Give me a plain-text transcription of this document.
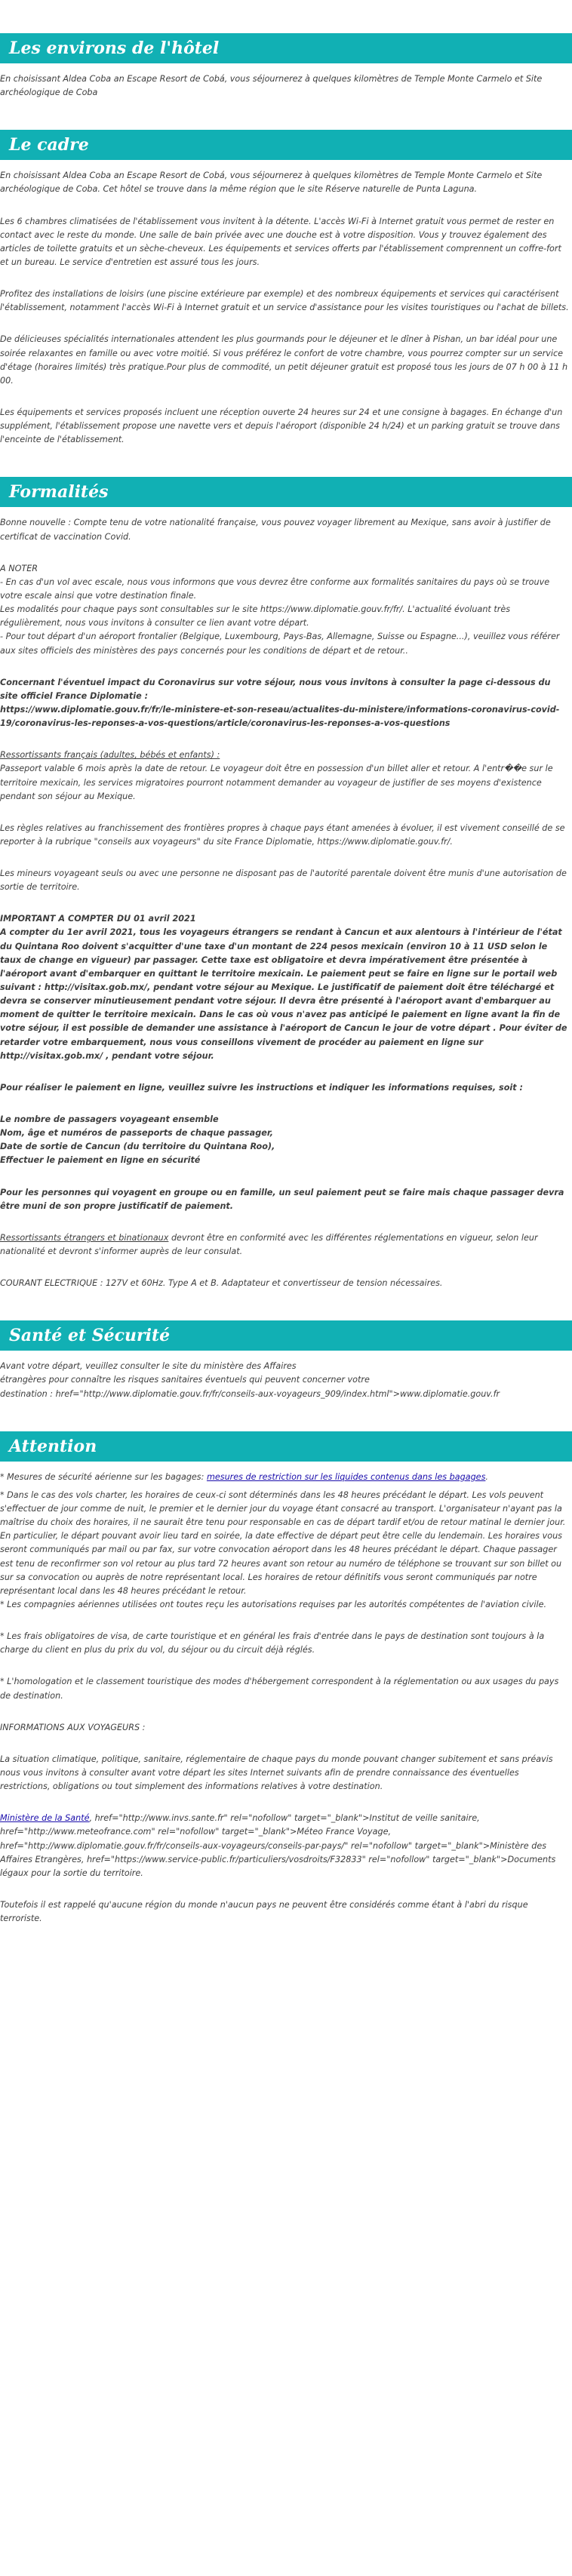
Les environs de l'hôtel

En choisissant Aldea Coba an Escape Resort de Cobá, vous séjournerez à quelques kilomètres de Temple Monte Carmelo et Site archéologique de Coba

Le cadre

En choisissant Aldea Coba an Escape Resort de Cobá, vous séjournerez à quelques kilomètres de Temple Monte Carmelo et Site archéologique de Coba. Cet hôtel se trouve dans la même région que le site Réserve naturelle de Punta Laguna.

Les 6 chambres climatisées de l'établissement vous invitent à la détente. L'accès Wi-Fi à Internet gratuit vous permet de rester en contact avec le reste du monde. Une salle de bain privée avec une douche est à votre disposition. Vous y trouvez également des articles de toilette gratuits et un sèche-cheveux. Les équipements et services offerts par l'établissement comprennent un coffre-fort et un bureau. Le service d'entretien est assuré tous les jours.

Profitez des installations de loisirs (une piscine extérieure par exemple) et des nombreux équipements et services qui caractérisent l'établissement, notamment l'accès Wi-Fi à Internet gratuit et un service d'assistance pour les visites touristiques ou l'achat de billets.

De délicieuses spécialités internationales attendent les plus gourmands pour le déjeuner et le dîner à Pishan, un bar idéal pour une soirée relaxantes en famille ou avec votre moitié. Si vous préférez le confort de votre chambre, vous pourrez compter sur un service d'étage (horaires limités) très pratique.Pour plus de commodité, un petit déjeuner gratuit est proposé tous les jours de 07 h 00 à 11 h 00.

Les équipements et services proposés incluent une réception ouverte 24 heures sur 24 et une consigne à bagages. En échange d'un supplément, l'établissement propose une navette vers et depuis l'aéroport (disponible 24 h/24) et un parking gratuit se trouve dans l'enceinte de l'établissement.

Formalités

Bonne nouvelle : Compte tenu de votre nationalité française, vous pouvez voyager librement au Mexique, sans avoir à justifier de certificat de vaccination Covid.

A NOTER
- En cas d'un vol avec escale, nous vous informons que vous devrez être conforme aux formalités sanitaires du pays où se trouve votre escale ainsi que votre destination finale.
Les modalités pour chaque pays sont consultables sur le site https://www.diplomatie.gouv.fr/fr/. L'actualité évoluant très régulièrement, nous vous invitons à consulter ce lien avant votre départ.
- Pour tout départ d'un aéroport frontalier (Belgique, Luxembourg, Pays-Bas, Allemagne, Suisse ou Espagne...), veuillez vous référer aux sites officiels des ministères des pays concernés pour les conditions de départ et de retour..

Concernant l'éventuel impact du Coronavirus sur votre séjour, nous vous invitons à consulter la page ci-dessous du site officiel France Diplomatie :
https://www.diplomatie.gouv.fr/fr/le-ministere-et-son-reseau/actualites-du-ministere/informations-coronavirus-covid-19/coronavirus-les-reponses-a-vos-questions/article/coronavirus-les-reponses-a-vos-questions

Ressortissants français (adultes, bébés et enfants) :
Passeport valable 6 mois après la date de retour. Le voyageur doit être en possession d'un billet aller et retour. A l'entr��e sur le territoire mexicain, les services migratoires pourront notamment demander au voyageur de justifier de ses moyens d'existence pendant son séjour au Mexique.

Les règles relatives au franchissement des frontières propres à chaque pays étant amenées à évoluer, il est vivement conseillé de se reporter à la rubrique "conseils aux voyageurs" du site France Diplomatie, https://www.diplomatie.gouv.fr/.

Les mineurs voyageant seuls ou avec une personne ne disposant pas de l'autorité parentale doivent être munis d'une autorisation de sortie de territoire.

IMPORTANT A COMPTER DU 01 avril 2021
A compter du 1er avril 2021, tous les voyageurs étrangers se rendant à Cancun et aux alentours à l'intérieur de l'état du Quintana Roo doivent s'acquitter d'une taxe d'un montant de 224 pesos mexicain (environ 10 à 11 USD selon le taux de change en vigueur) par passager. Cette taxe est obligatoire et devra impérativement être présentée à l'aéroport avant d'embarquer en quittant le territoire mexicain. Le paiement peut se faire en ligne sur le portail web suivant : http://visitax.gob.mx/, pendant votre séjour au Mexique. Le justificatif de paiement doit être téléchargé et devra se conserver minutieusement pendant votre séjour. Il devra être présenté à l'aéroport avant d'embarquer au moment de quitter le territoire mexicain. Dans le cas où vous n'avez pas anticipé le paiement en ligne avant la fin de votre séjour, il est possible de demander une assistance à l'aéroport de Cancun le jour de votre départ . Pour éviter de retarder votre embarquement, nous vous conseillons vivement de procéder au paiement en ligne sur http://visitax.gob.mx/ , pendant votre séjour.

Pour réaliser le paiement en ligne, veuillez suivre les instructions et indiquer les informations requises, soit :

Le nombre de passagers voyageant ensemble
Nom, âge et numéros de passeports de chaque passager,
Date de sortie de Cancun (du territoire du Quintana Roo),
Effectuer le paiement en ligne en sécurité

Pour les personnes qui voyagent en groupe ou en famille, un seul paiement peut se faire mais chaque passager devra être muni de son propre justificatif de paiement.

Ressortissants étrangers et binationaux devront être en conformité avec les différentes réglementations en vigueur, selon leur nationalité et devront s'informer auprès de leur consulat.

COURANT ELECTRIQUE : 127V et 60Hz. Type A et B. Adaptateur et convertisseur de tension nécessaires.

Santé et Sécurité

Avant votre départ, veuillez consulter le site du ministère des Affaires
étrangères pour connaître les risques sanitaires éventuels qui peuvent concerner votre
destination : href="http://www.diplomatie.gouv.fr/fr/conseils-aux-voyageurs_909/index.html">www.diplomatie.gouv.fr

Attention

* Mesures de sécurité aérienne sur les bagages: mesures de restriction sur les liquides contenus dans les bagages.

* Dans le cas des vols charter, les horaires de ceux-ci sont déterminés dans les 48 heures précédant le départ. Les vols peuvent s'effectuer de jour comme de nuit, le premier et le dernier jour du voyage étant consacré au transport. L'organisateur n'ayant pas la maîtrise du choix des horaires, il ne saurait être tenu pour responsable en cas de départ tardif et/ou de retour matinal le dernier jour. En particulier, le départ pouvant avoir lieu tard en soirée, la date effective de départ peut être celle du lendemain. Les horaires vous seront communiqués par mail ou par fax, sur votre convocation aéroport dans les 48 heures précédant le départ. Chaque passager est tenu de reconfirmer son vol retour au plus tard 72 heures avant son retour au numéro de téléphone se trouvant sur son billet ou sur sa convocation ou auprès de notre représentant local. Les horaires de retour définitifs vous seront communiqués par notre représentant local dans les 48 heures précédant le retour.
* Les compagnies aériennes utilisées ont toutes reçu les autorisations requises par les autorités compétentes de l'aviation civile.

* Les frais obligatoires de visa, de carte touristique et en général les frais d'entrée dans le pays de destination sont toujours à la charge du client en plus du prix du vol, du séjour ou du circuit déjà réglés.

* L'homologation et le classement touristique des modes d'hébergement correspondent à la réglementation ou aux usages du pays de destination.

INFORMATIONS AUX VOYAGEURS :

La situation climatique, politique, sanitaire, réglementaire de chaque pays du monde pouvant changer subitement et sans préavis
nous vous invitons à consulter avant votre départ les sites Internet suivants afin de prendre connaissance des éventuelles restrictions, obligations ou tout simplement des informations relatives à votre destination.

Ministère de la Santé, href="http://www.invs.sante.fr" rel="nofollow" target="_blank">Institut de veille sanitaire, href="http://www.meteofrance.com" rel="nofollow" target="_blank">Méteo France Voyage, href="http://www.diplomatie.gouv.fr/fr/conseils-aux-voyageurs/conseils-par-pays/" rel="nofollow" target="_blank">Ministère des Affaires Etrangères, href="https://www.service-public.fr/particuliers/vosdroits/F32833" rel="nofollow" target="_blank">Documents légaux pour la sortie du territoire.

Toutefois il est rappelé qu'aucune région du monde n'aucun pays ne peuvent être considérés comme étant à l'abri du risque terroriste.
